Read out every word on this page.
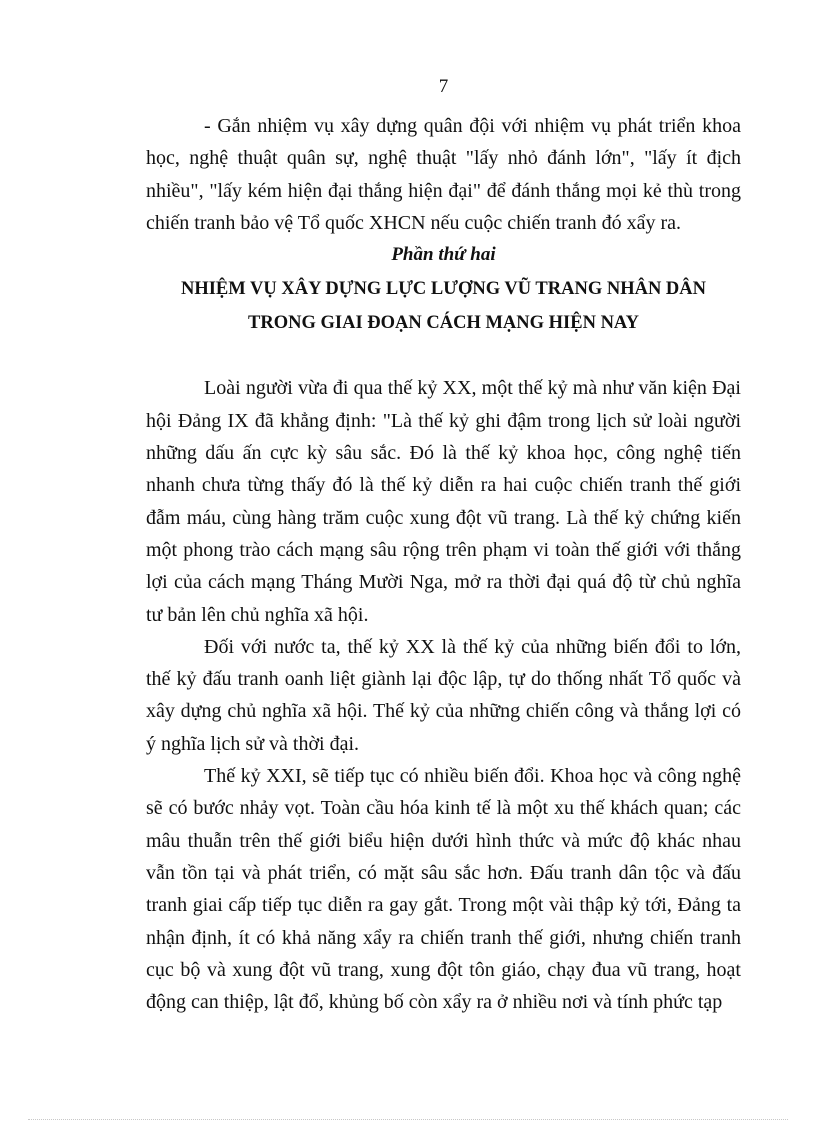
7

- Gắn nhiệm vụ xây dựng quân đội với nhiệm vụ phát triển khoa học, nghệ thuật quân sự, nghệ thuật "lấy nhỏ đánh lớn", "lấy ít địch nhiều", "lấy kém hiện đại thắng hiện đại" để đánh thắng mọi kẻ thù trong chiến tranh bảo vệ Tổ quốc XHCN nếu cuộc chiến tranh đó xẩy ra.

Phần thứ hai

NHIỆM VỤ XÂY DỰNG LỰC LƯỢNG VŨ TRANG NHÂN DÂN

TRONG GIAI ĐOẠN CÁCH MẠNG HIỆN NAY

Loài người vừa đi qua thế kỷ XX, một thế kỷ mà như văn kiện Đại hội Đảng IX đã khẳng định: "Là thế kỷ ghi đậm trong lịch sử loài người những dấu ấn cực kỳ sâu sắc. Đó là thế kỷ khoa học, công nghệ tiến nhanh chưa từng thấy đó là thế kỷ diễn ra hai cuộc chiến tranh thế giới đẫm máu, cùng hàng trăm cuộc xung đột vũ trang. Là thế kỷ chứng kiến một phong trào cách mạng sâu rộng trên phạm vi toàn thế giới với thắng lợi của cách mạng Tháng Mười Nga, mở ra thời đại quá độ từ chủ nghĩa tư bản lên chủ nghĩa xã hội.

Đối với nước ta, thế kỷ XX là thế kỷ của những biến đổi to lớn, thế kỷ đấu tranh oanh liệt giành lại độc lập, tự do thống nhất Tổ quốc và xây dựng chủ nghĩa xã hội. Thế kỷ của những chiến công và thắng lợi có ý nghĩa lịch sử và thời đại.

Thế kỷ XXI, sẽ tiếp tục có nhiều biến đổi. Khoa học và công nghệ sẽ có bước nhảy vọt. Toàn cầu hóa kinh tế là một xu thế khách quan; các mâu thuẫn trên thế giới biểu hiện dưới hình thức và mức độ khác nhau vẫn tồn tại và phát triển, có mặt sâu sắc hơn. Đấu tranh dân tộc và đấu tranh giai cấp tiếp tục diễn ra gay gắt. Trong một vài thập kỷ tới, Đảng ta nhận định, ít có khả năng xẩy ra chiến tranh thế giới, nhưng chiến tranh cục bộ và xung đột vũ trang, xung đột tôn giáo, chạy đua vũ trang, hoạt động can thiệp, lật đổ, khủng bố còn xẩy ra ở nhiều nơi và tính phức tạp
